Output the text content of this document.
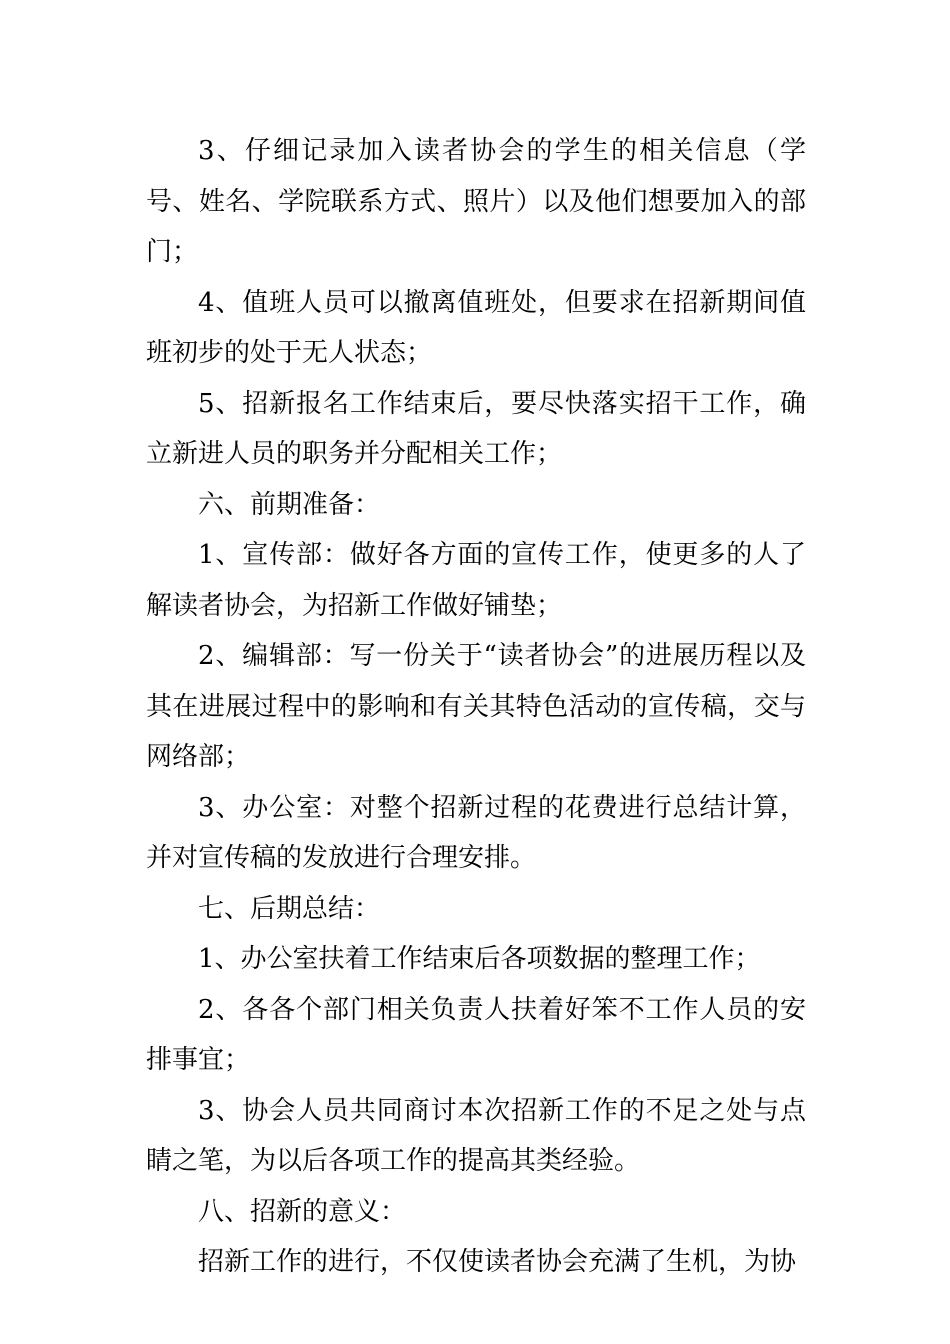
3、仔细记录加入读者协会的学生的相关信息（学号、姓名、学院联系方式、照片）以及他们想要加入的部门；

4、值班人员可以撤离值班处，但要求在招新期间值班初步的处于无人状态；

5、招新报名工作结束后，要尽快落实招干工作，确立新进人员的职务并分配相关工作；

六、前期准备：

1、宣传部：做好各方面的宣传工作，使更多的人了解读者协会，为招新工作做好铺垫；

2、编辑部：写一份关于“读者协会”的进展历程以及其在进展过程中的影响和有关其特色活动的宣传稿，交与网络部；

3、办公室：对整个招新过程的花费进行总结计算，并对宣传稿的发放进行合理安排。

七、后期总结：

1、办公室扶着工作结束后各项数据的整理工作；

2、各各个部门相关负责人扶着好笨不工作人员的安排事宜；

3、协会人员共同商讨本次招新工作的不足之处与点睛之笔，为以后各项工作的提高其类经验。

八、招新的意义：

招新工作的进行，不仅使读者协会充满了生机，为协
